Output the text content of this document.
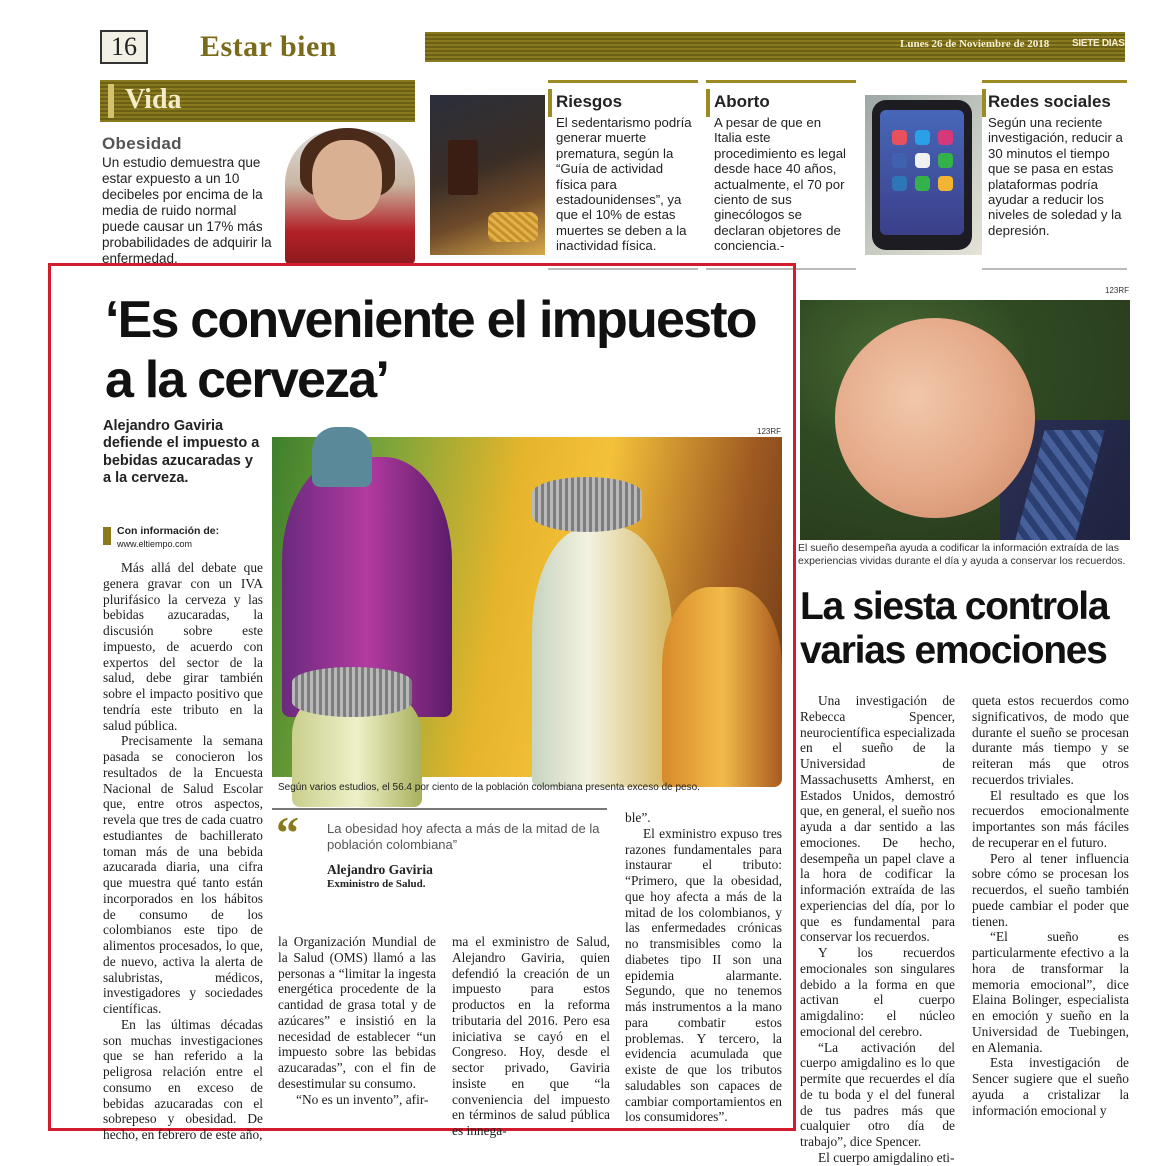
16	Estar bien	Lunes 26 de Noviembre de 2018 SIETE DIAS
Vida
Obesidad
Un estudio demuestra que estar expuesto a un 10 decibeles por encima de la media de ruido normal puede causar un 17% más probabilidades de adquirir la enfermedad.
Riesgos
El sedentarismo podría generar muerte prematura, según la “Guía de actividad física para estadounidenses”, ya que el 10% de estas muertes se deben a la inactividad física.
Aborto
A pesar de que en Italia este procedimiento es legal desde hace 40 años, actualmente, el 70 por ciento de sus ginecólogos se declaran objetores de conciencia.-
Redes sociales
Según una reciente investigación, reducir a 30 minutos el tiempo que se pasa en estas plataformas podría ayudar a reducir los niveles de soledad y la depresión.
123RF
El sueño desempeña ayuda a codificar la información extraída de las experiencias vividas durante el día y ayuda a conservar los recuerdos.
La siesta controla varias emociones

Una investigación de Rebecca Spencer, neurocientífica especializada en el sueño de la Universidad de Massachusetts Amherst, en Estados Unidos, demostró que, en general, el sueño nos ayuda a dar sentido a las emociones. De hecho, desempeña un papel clave a la hora de codificar la información extraída de las experiencias del día, por lo que es fundamental para conservar los recuerdos.

Y los recuerdos emocionales son singulares debido a la forma en que activan el cuerpo amigdalino: el núcleo emocional del cerebro.

“La activación del cuerpo amigdalino es lo que permite que recuerdes el día de tu boda y el del funeral de tus padres más que cualquier otro día de trabajo”, dice Spencer.

El cuerpo amigdalino eti-

queta estos recuerdos como significativos, de modo que durante el sueño se procesan durante más tiempo y se reiteran más que otros recuerdos triviales.

El resultado es que los recuerdos emocionalmente importantes son más fáciles de recuperar en el futuro.

Pero al tener influencia sobre cómo se procesan los recuerdos, el sueño también puede cambiar el poder que tienen.

“El sueño es particularmente efectivo a la hora de transformar la memoria emocional”, dice Elaina Bolinger, especialista en emoción y sueño en la Universidad de Tuebingen, en Alemania.

Esta investigación de Sencer sugiere que el sueño ayuda a cristalizar la información emocional y

‘Es conveniente el impuesto a la cerveza’
Alejandro Gaviria defiende el impuesto a bebidas azucaradas y a la cerveza.
Con información de:
www.eltiempo.com
123RF
Según varios estudios, el 56.4 por ciento de la población colombiana presenta exceso de peso.
“ La obesidad hoy afecta a más de la mitad de la población colombiana”
Alejandro Gaviria
Exministro de Salud.

Más allá del debate que genera gravar con un IVA plurifásico la cerveza y las bebidas azucaradas, la discusión sobre este impuesto, de acuerdo con expertos del sector de la salud, debe girar también sobre el impacto positivo que tendría este tributo en la salud pública.

Precisamente la semana pasada se conocieron los resultados de la Encuesta Nacional de Salud Escolar que, entre otros aspectos, revela que tres de cada cuatro estudiantes de bachillerato toman más de una bebida azucarada diaria, una cifra que muestra qué tanto están incorporados en los hábitos de consumo de los colombianos este tipo de alimentos procesados, lo que, de nuevo, activa la alerta de salubristas, médicos, investigadores y sociedades científicas.

En las últimas décadas son muchas investigaciones que se han referido a la peligrosa relación entre el consumo en exceso de bebidas azucaradas con el sobrepeso y obesidad. De hecho, en febrero de este año,

la Organización Mundial de la Salud (OMS) llamó a las personas a “limitar la ingesta energética procedente de la cantidad de grasa total y de azúcares” e insistió en la necesidad de establecer “un impuesto sobre las bebidas azucaradas”, con el fin de desestimular su consumo.

“No es un invento”, afir-

ma el exministro de Salud, Alejandro Gaviria, quien defendió la creación de un impuesto para estos productos en la reforma tributaria del 2016. Pero esa iniciativa se cayó en el Congreso. Hoy, desde el sector privado, Gaviria insiste en que “la conveniencia del impuesto en términos de salud pública es innega-

ble”.

El exministro expuso tres razones fundamentales para instaurar el tributo: “Primero, que la obesidad, que hoy afecta a más de la mitad de los colombianos, y las enfermedades crónicas no transmisibles como la diabetes tipo II son una epidemia alarmante. Segundo, que no tenemos más instrumentos a la mano para combatir estos problemas. Y tercero, la evidencia acumulada que existe de que los tributos saludables son capaces de cambiar comportamientos en los consumidores”.
